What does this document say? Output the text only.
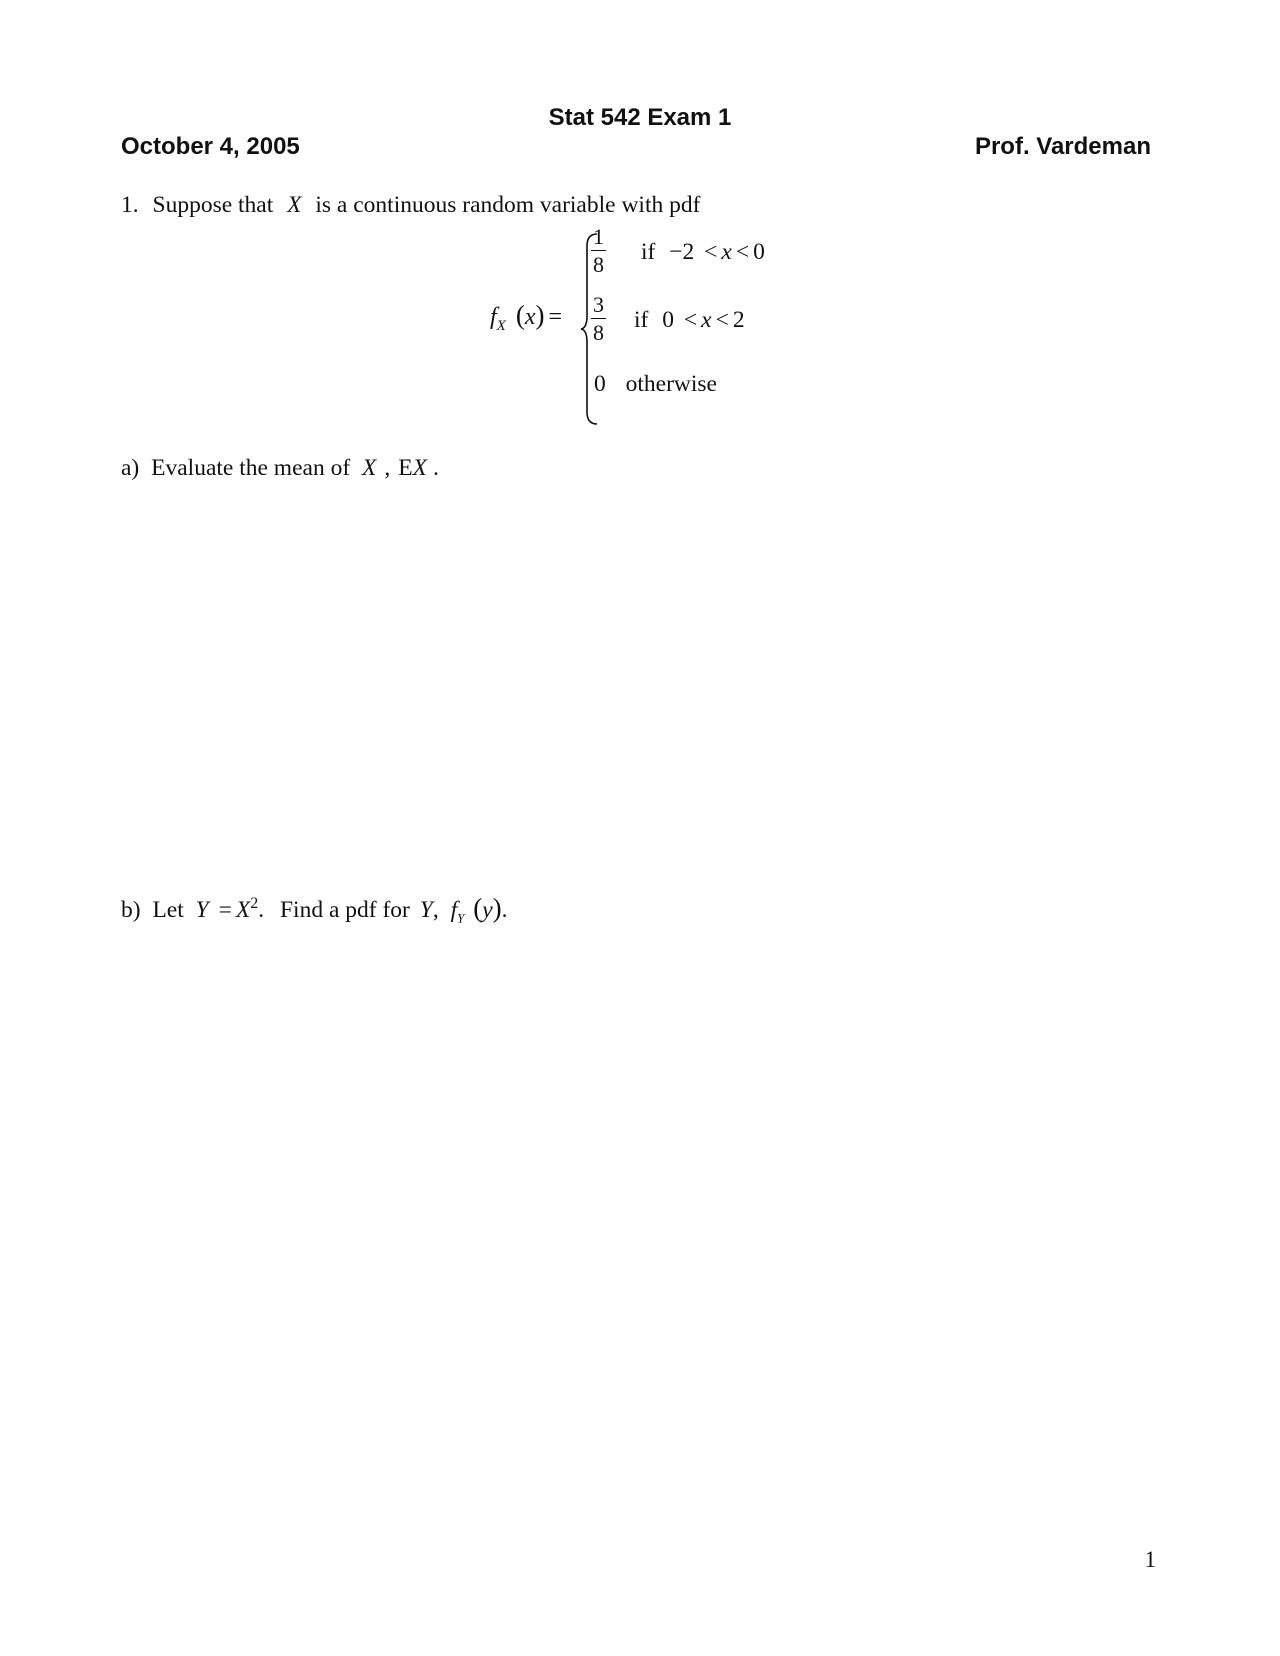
Stat 542 Exam 1
October 4, 2005	Prof. Vardeman
1. Suppose that X is a continuous random variable with pdf
$f_X$ (x) =
$\frac{1}{8}$ if −2 < x < 0
$\frac{3}{8}$ if 0 < x < 2
0 otherwise
a) Evaluate the mean of X , EX .
b) Let $Y = X^2$. Find a pdf for Y, $f_Y$ (y).
1
